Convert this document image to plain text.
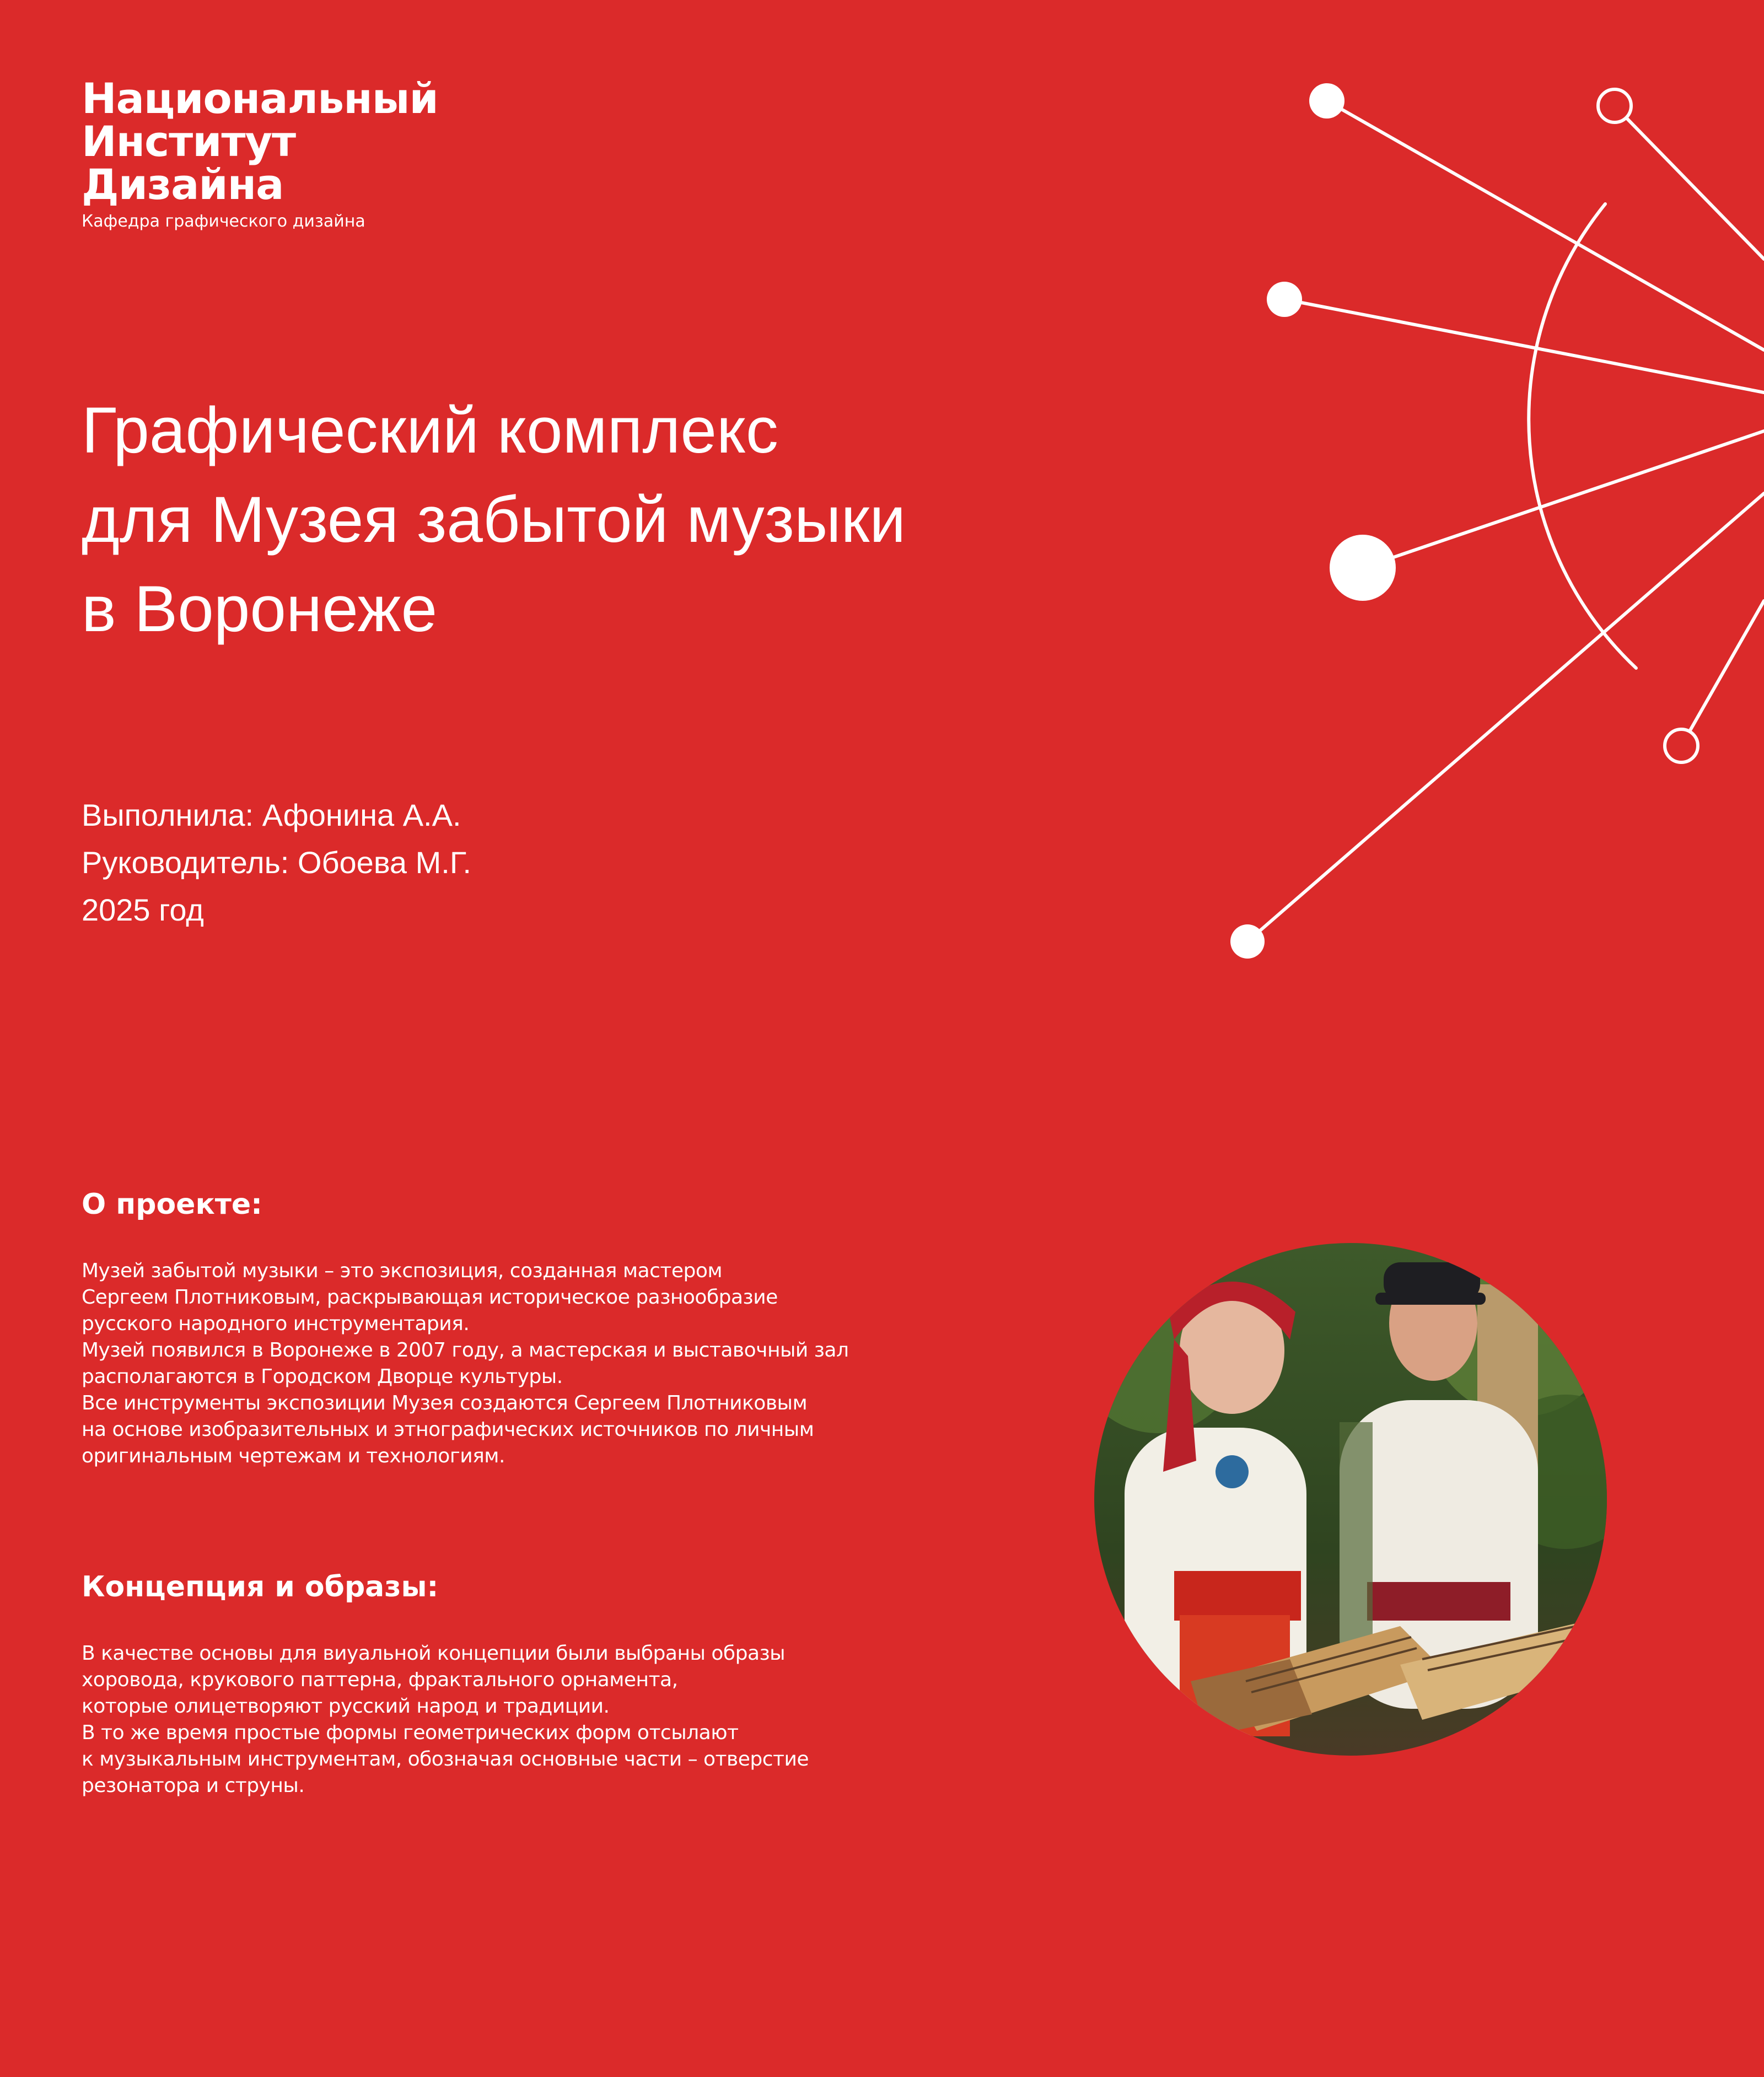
Национальный
Институт
Дизайна
Кафедра графического дизайна
Графический комплекс
для Музея забытой музыки
в Воронеже
Выполнила: Афонина А.А.
Руководитель: Обоева М.Г.
2025 год
О проекте:
Музей забытой музыки – это экспозиция, созданная мастером
Сергеем Плотниковым, раскрывающая историческое разнообразие
русского народного инструментария.
Музей появился в Воронеже в 2007 году, а мастерская и выставочный зал
располагаются в Городском Дворце культуры.
Все инструменты экспозиции Музея создаются Сергеем Плотниковым
на основе изобразительных и этнографических источников по личным
оригинальным чертежам и технологиям.
Концепция и образы:
В качестве основы для виуальной концепции были выбраны образы
хоровода, крукового паттерна, фрактального орнамента,
которые олицетворяют русский народ и традиции.
В то же время простые формы геометрических форм отсылают
к музыкальным инструментам, обозначая основные части – отверстие
резонатора и струны.
